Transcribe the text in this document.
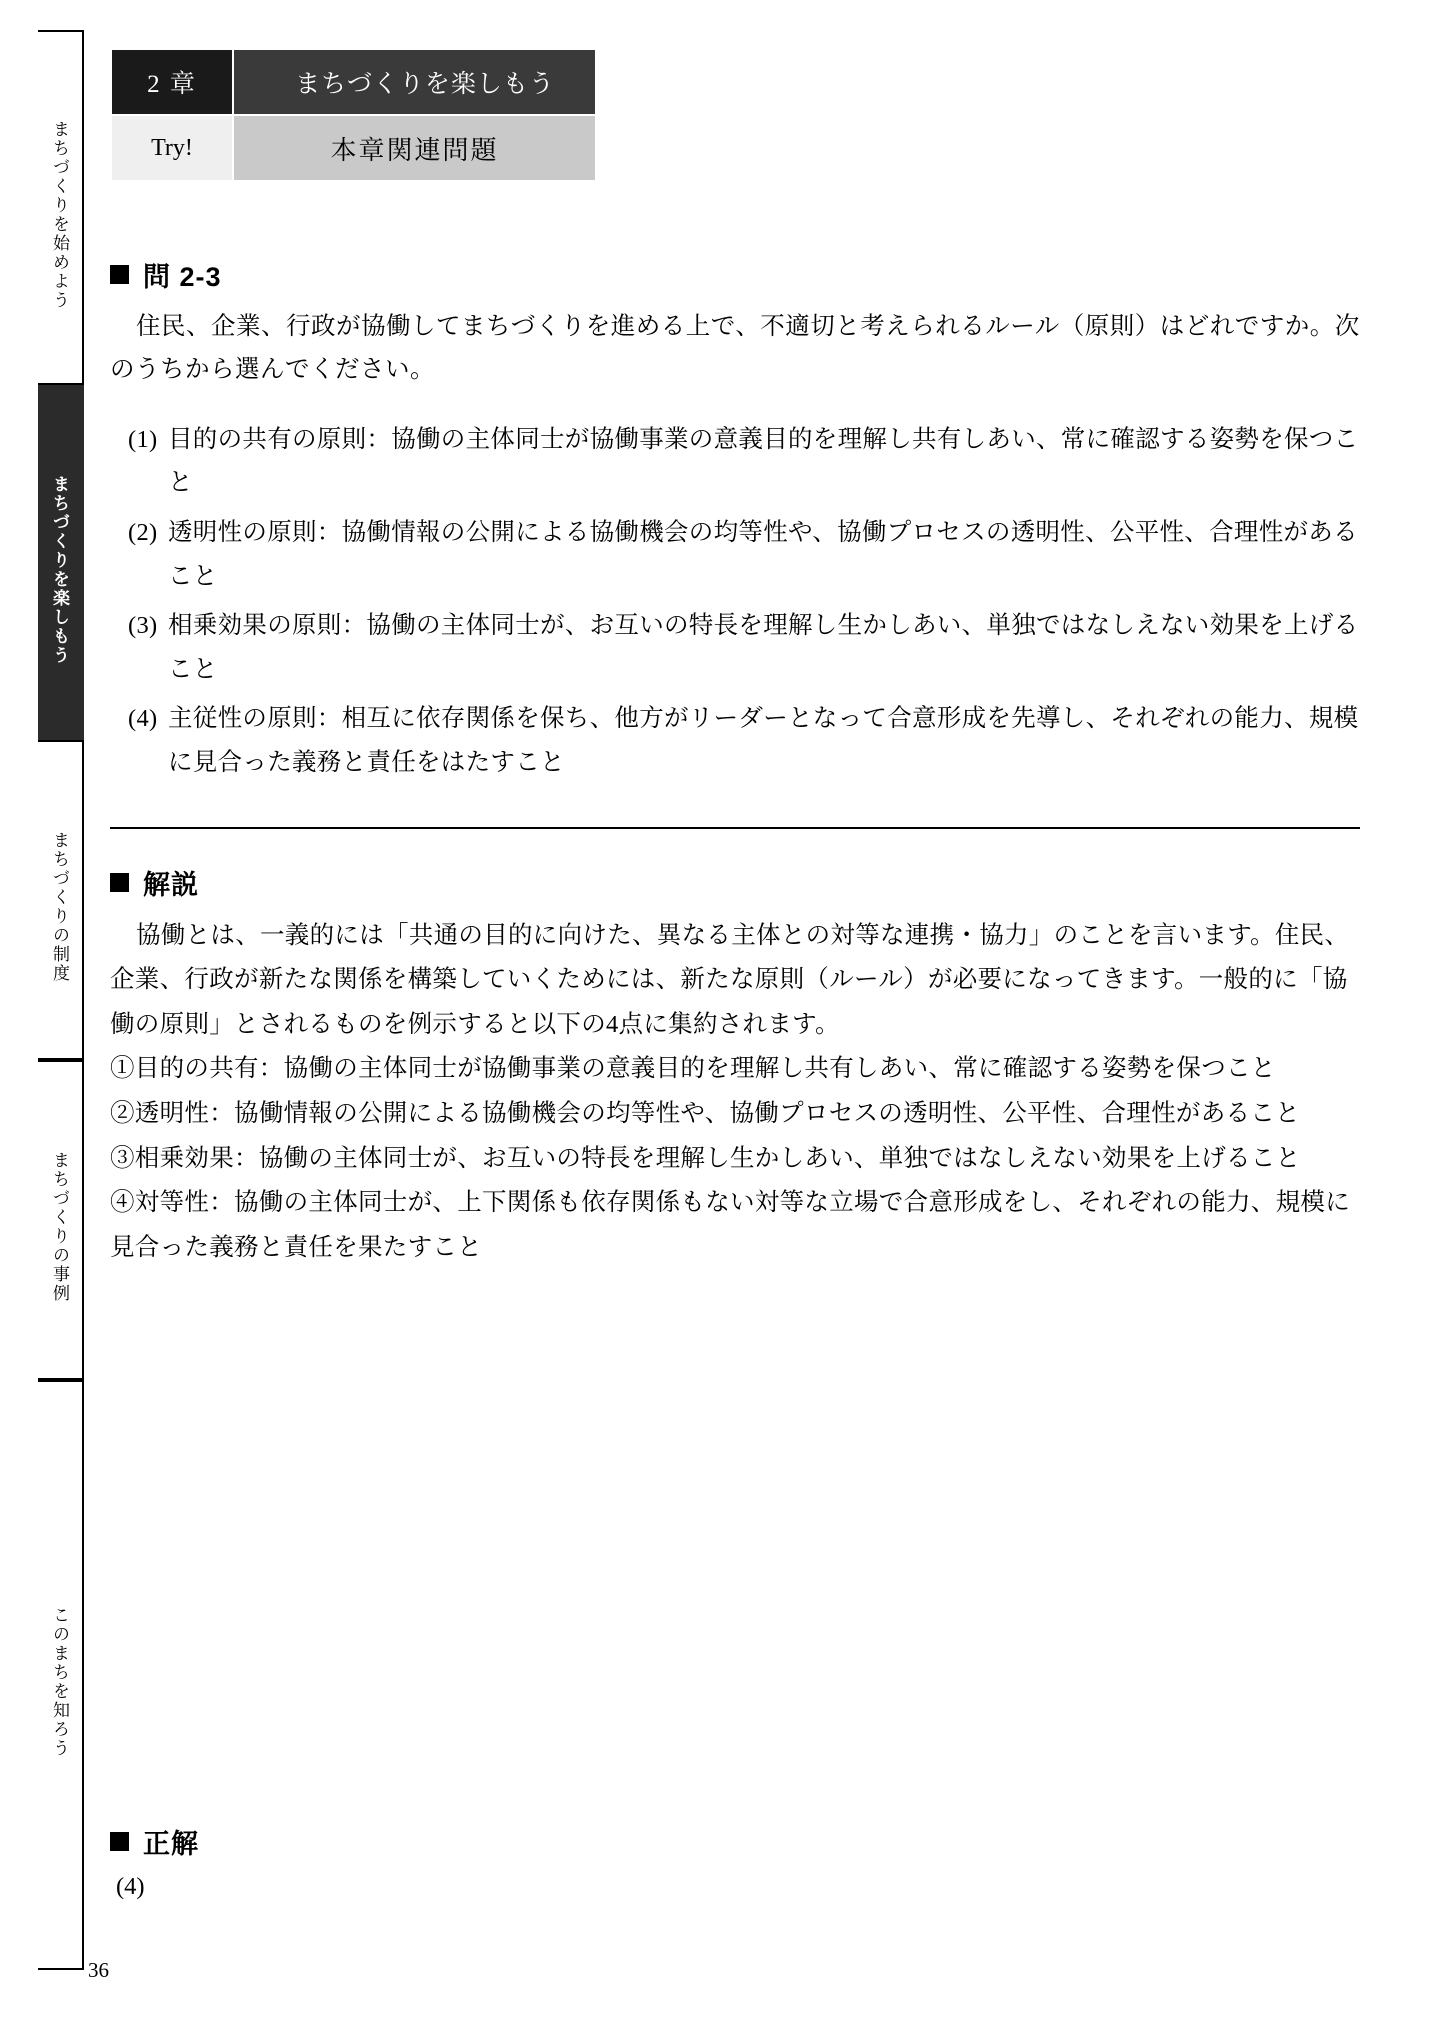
まちづくりを始めよう
まちづくりを楽しもう
まちづくりの制度
まちづくりの事例
このまちを知ろう
2 章	まちづくりを楽しもう
Try!	本章関連問題
問 2-3

住民、企業、行政が協働してまちづくりを進める上で、不適切と考えられるルール（原則）はどれですか。次のうちから選んでください。

(1) 目的の共有の原則：協働の主体同士が協働事業の意義目的を理解し共有しあい、常に確認する姿勢を保つこと
(2) 透明性の原則：協働情報の公開による協働機会の均等性や、協働プロセスの透明性、公平性、合理性があること
(3) 相乗効果の原則：協働の主体同士が、お互いの特長を理解し生かしあい、単独ではなしえない効果を上げること
(4) 主従性の原則：相互に依存関係を保ち、他方がリーダーとなって合意形成を先導し、それぞれの能力、規模に見合った義務と責任をはたすこと
解説

協働とは、一義的には「共通の目的に向けた、異なる主体との対等な連携・協力」のことを言います。住民、企業、行政が新たな関係を構築していくためには、新たな原則（ルール）が必要になってきます。一般的に「協働の原則」とされるものを例示すると以下の4点に集約されます。

①目的の共有：協働の主体同士が協働事業の意義目的を理解し共有しあい、常に確認する姿勢を保つこと

②透明性：協働情報の公開による協働機会の均等性や、協働プロセスの透明性、公平性、合理性があること

③相乗効果：協働の主体同士が、お互いの特長を理解し生かしあい、単独ではなしえない効果を上げること

④対等性：協働の主体同士が、上下関係も依存関係もない対等な立場で合意形成をし、それぞれの能力、規模に見合った義務と責任を果たすこと

正解
(4)
36
